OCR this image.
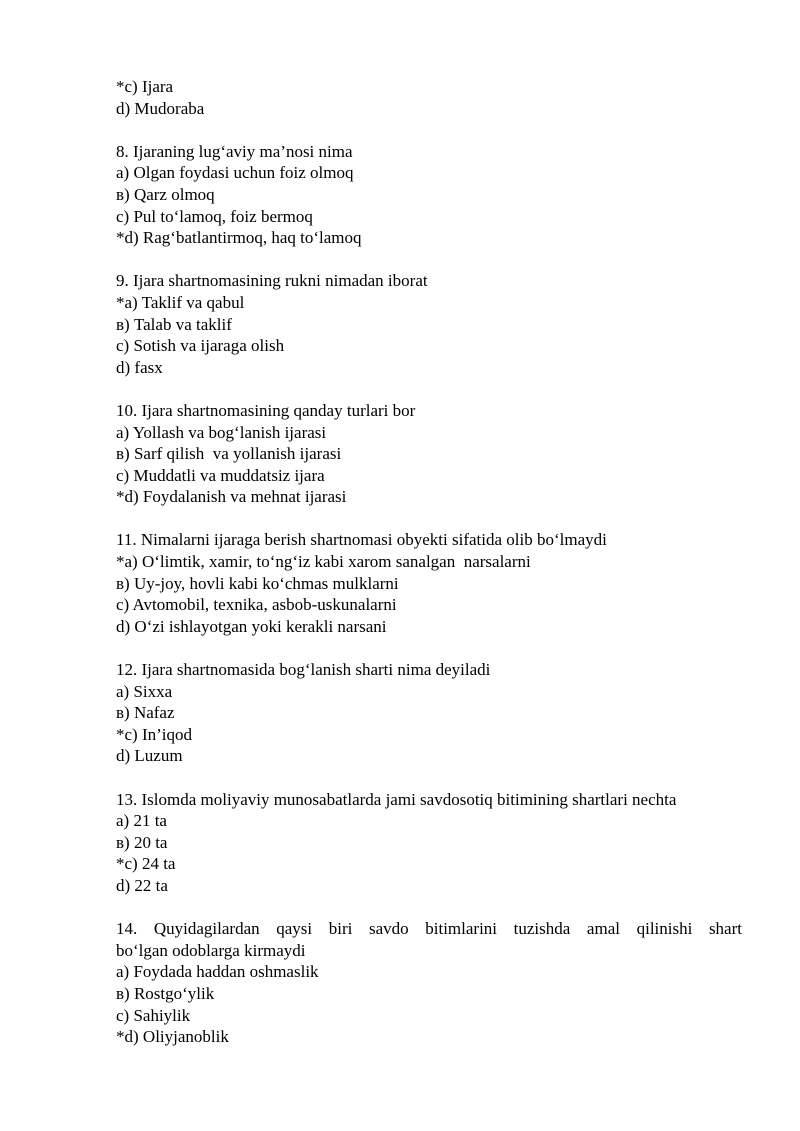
*c) Ijara
d) Mudoraba
8. Ijaraning lug‘aviy ma’nosi nima
a) Olgan foydasi uchun foiz olmoq
в) Qarz olmoq
c) Pul to‘lamoq, foiz bermoq
*d) Rag‘batlantirmoq, haq to‘lamoq
9. Ijara shartnomasining rukni nimadan iborat
*a) Taklif va qabul
в) Talab va taklif
c) Sotish va ijaraga olish
d) fasx
10. Ijara shartnomasining qanday turlari bor
a) Yollash va bog‘lanish ijarasi
в) Sarf qilish  va yollanish ijarasi
c) Muddatli va muddatsiz ijara
*d) Foydalanish va mehnat ijarasi
11. Nimalarni ijaraga berish shartnomasi obyekti sifatida olib bo‘lmaydi
*a) O‘limtik, xamir, to‘ng‘iz kabi xarom sanalgan  narsalarni
в) Uy-joy, hovli kabi ko‘chmas mulklarni
c) Avtomobil, texnika, asbob-uskunalarni
d) O‘zi ishlayotgan yoki kerakli narsani
12. Ijara shartnomasida bog‘lanish sharti nima deyiladi
a) Sixxa
в) Nafaz
*c) In’iqod
d) Luzum
13. Islomda moliyaviy munosabatlarda jami savdosotiq bitimining shartlari nechta
a) 21 ta
в) 20 ta
*c) 24 ta
d) 22 ta
14. Quyidagilardan qaysi biri savdo bitimlarini tuzishda amal qilinishi shart
bo‘lgan odoblarga kirmaydi
a) Foydada haddan oshmaslik
в) Rostgo‘ylik
c) Sahiylik
*d) Oliyjanoblik
